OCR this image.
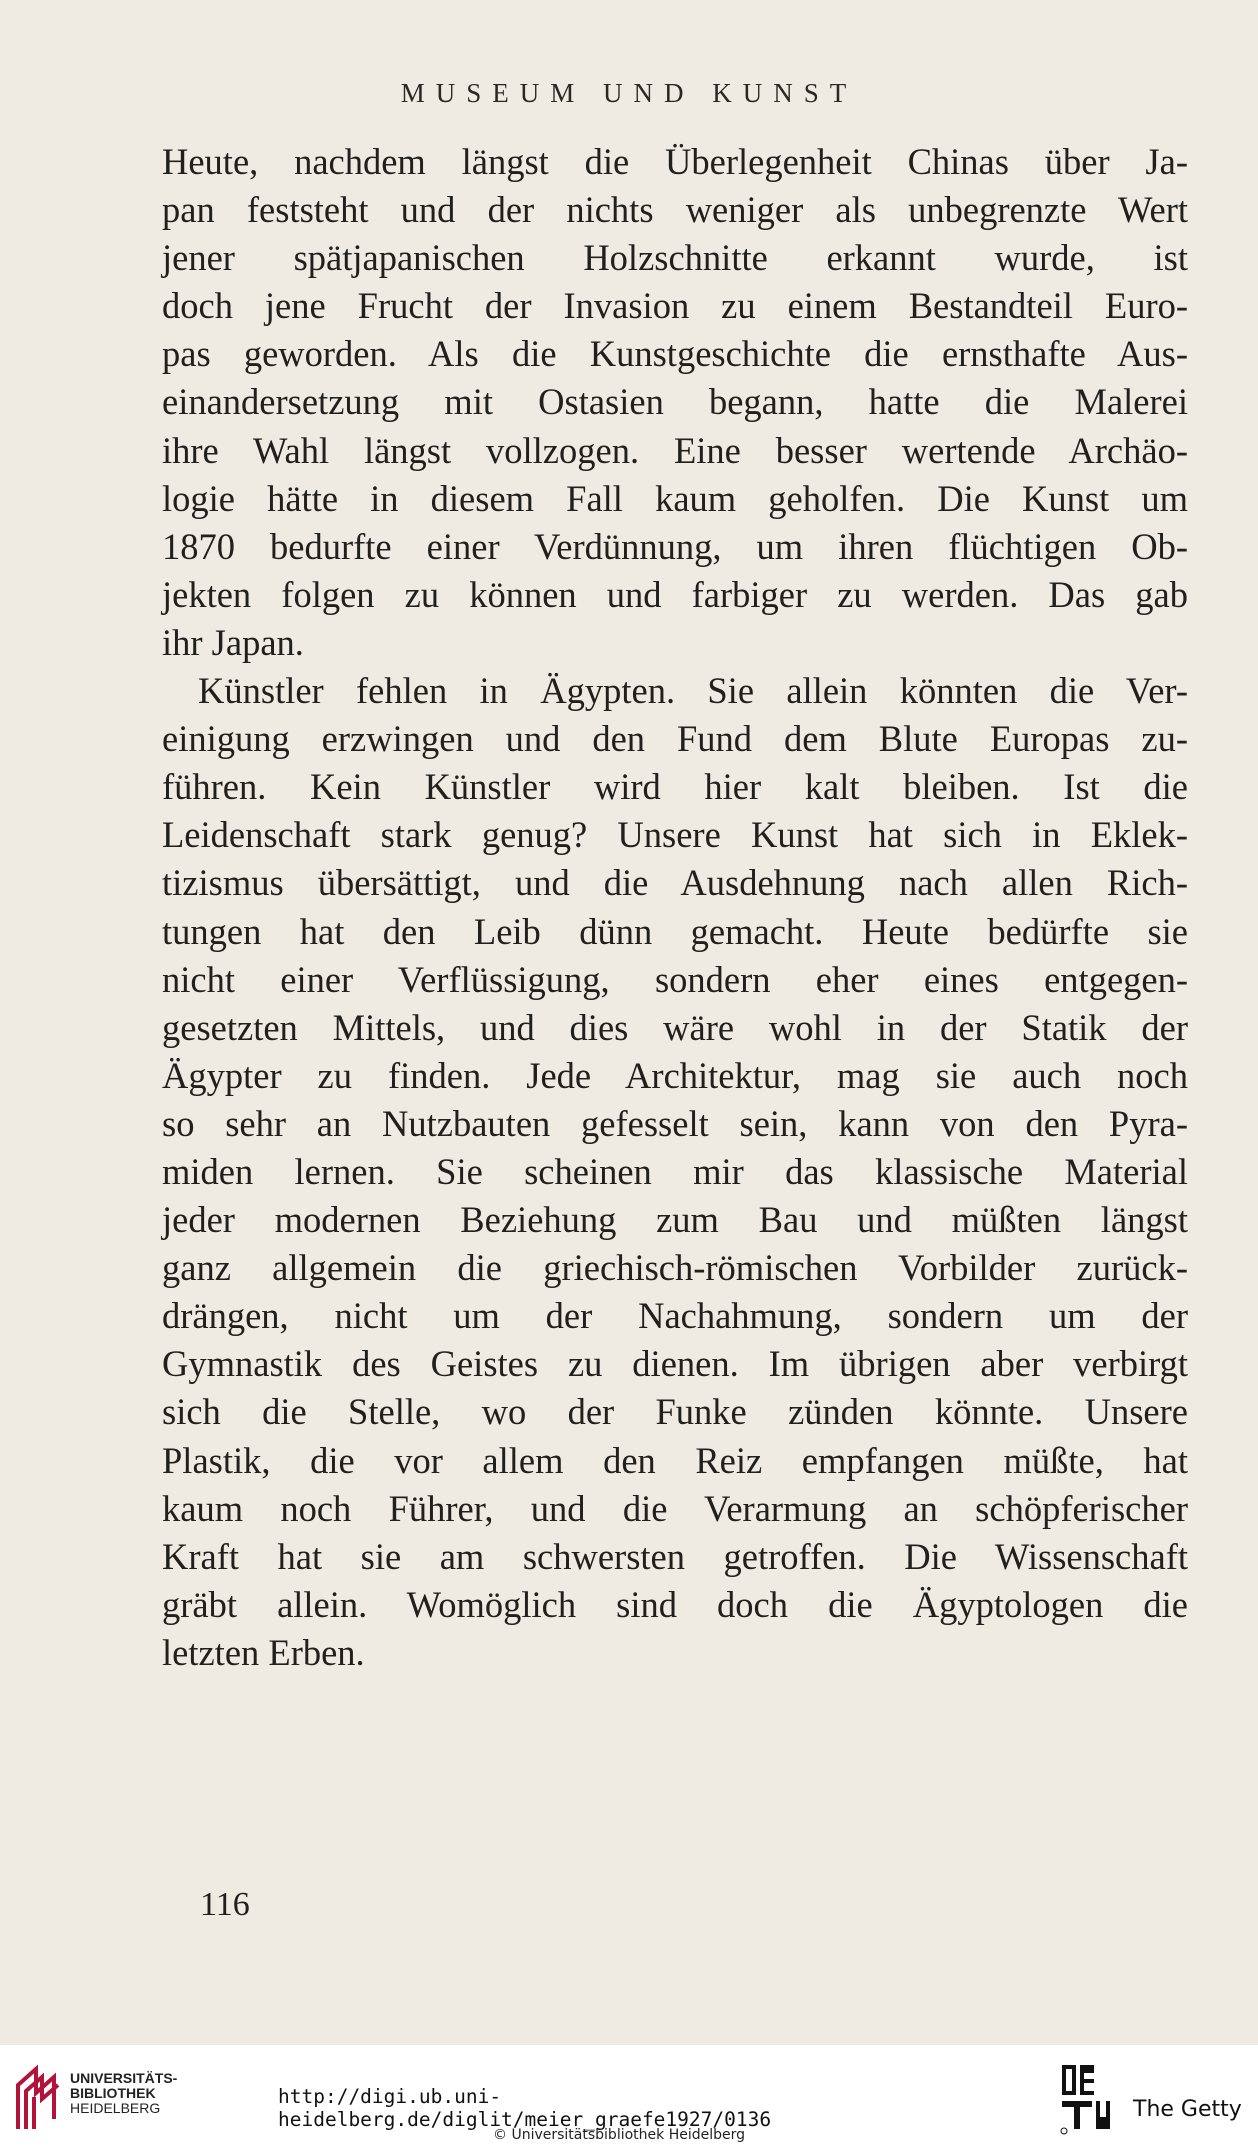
MUSEUM UND KUNST

Heute, nachdem längst die Überlegenheit Chinas über Ja-
pan feststeht und der nichts weniger als unbegrenzte Wert
jener spätjapanischen Holzschnitte erkannt wurde, ist
doch jene Frucht der Invasion zu einem Bestandteil Euro-
pas geworden. Als die Kunstgeschichte die ernsthafte Aus-
einandersetzung mit Ostasien begann, hatte die Malerei
ihre Wahl längst vollzogen. Eine besser wertende Archäo-
logie hätte in diesem Fall kaum geholfen. Die Kunst um
1870 bedurfte einer Verdünnung, um ihren flüchtigen Ob-
jekten folgen zu können und farbiger zu werden. Das gab
ihr Japan.

Künstler fehlen in Ägypten. Sie allein könnten die Ver-
einigung erzwingen und den Fund dem Blute Europas zu-
führen. Kein Künstler wird hier kalt bleiben. Ist die
Leidenschaft stark genug? Unsere Kunst hat sich in Eklek-
tizismus übersättigt, und die Ausdehnung nach allen Rich-
tungen hat den Leib dünn gemacht. Heute bedürfte sie
nicht einer Verflüssigung, sondern eher eines entgegen-
gesetzten Mittels, und dies wäre wohl in der Statik der
Ägypter zu finden. Jede Architektur, mag sie auch noch
so sehr an Nutzbauten gefesselt sein, kann von den Pyra-
miden lernen. Sie scheinen mir das klassische Material
jeder modernen Beziehung zum Bau und müßten längst
ganz allgemein die griechisch-römischen Vorbilder zurück-
drängen, nicht um der Nachahmung, sondern um der
Gymnastik des Geistes zu dienen. Im übrigen aber verbirgt
sich die Stelle, wo der Funke zünden könnte. Unsere
Plastik, die vor allem den Reiz empfangen müßte, hat
kaum noch Führer, und die Verarmung an schöpferischer
Kraft hat sie am schwersten getroffen. Die Wissenschaft
gräbt allein. Womöglich sind doch die Ägyptologen die
letzten Erben.

116
UNIVERSITÄTS-
BIBLIOTHEK
HEIDELBERG	http://digi.ub.uni-heidelberg.de/diglit/meier_graefe1927/0136
© Universitätsbibliothek Heidelberg
The Getty
